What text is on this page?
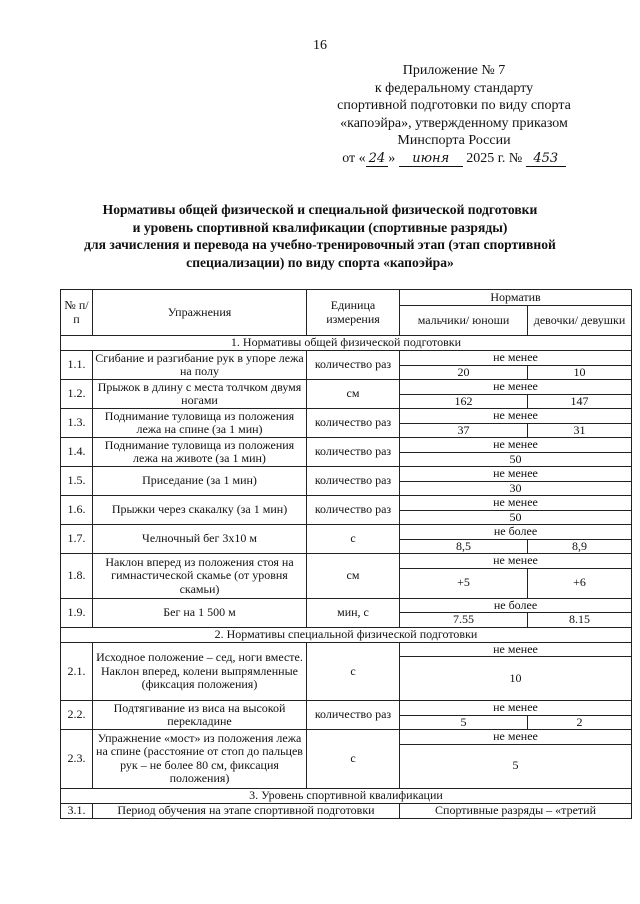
16
Приложение № 7
к федеральному стандарту
спортивной подготовки по виду спорта
«капоэйра», утвержденному приказом
Минспорта России
от « 24 » июня 2025 г. № 453
Нормативы общей физической и специальной физической подготовки
и уровень спортивной квалификации (спортивные разряды)
для зачисления и перевода на учебно-тренировочный этап (этап спортивной
специализации) по виду спорта «капоэйра»
№ п/п	Упражнения	Единица измерения	Норматив	
			мальчики/ юноши	девочки/ девушки
1. Нормативы общей физической подготовки				
1.1.	Сгибание и разгибание рук в упоре лежа на полу	количество раз	не менее	
			20	10
1.2.	Прыжок в длину с места толчком двумя ногами	см	не менее	
			162	147
1.3.	Поднимание туловища из положения лежа на спине (за 1 мин)	количество раз	не менее	
			37	31
1.4.	Поднимание туловища из положения лежа на животе (за 1 мин)	количество раз	не менее	
			50	
1.5.	Приседание (за 1 мин)	количество раз	не менее	
			30	
1.6.	Прыжки через скакалку (за 1 мин)	количество раз	не менее	
			50	
1.7.	Челночный бег 3х10 м	с	не более	
			8,5	8,9
1.8.	Наклон вперед из положения стоя на гимнастической скамье (от уровня скамьи)	см	не менее	
			+5	+6
1.9.	Бег на 1 500 м	мин, с	не более	
			7.55	8.15
2. Нормативы специальной физической подготовки				
2.1.	Исходное положение – сед, ноги вместе. Наклон вперед, колени выпрямленные (фиксация положения)	с	не менее	
			10	
2.2.	Подтягивание из виса на высокой перекладине	количество раз	не менее	
			5	2
2.3.	Упражнение «мост» из положения лежа на спине (расстояние от стоп до пальцев рук – не более 80 см, фиксация положения)	с	не менее	
			5	
3. Уровень спортивной квалификации				
3.1.	Период обучения на этапе спортивной подготовки		Спортивные разряды – «третий	
